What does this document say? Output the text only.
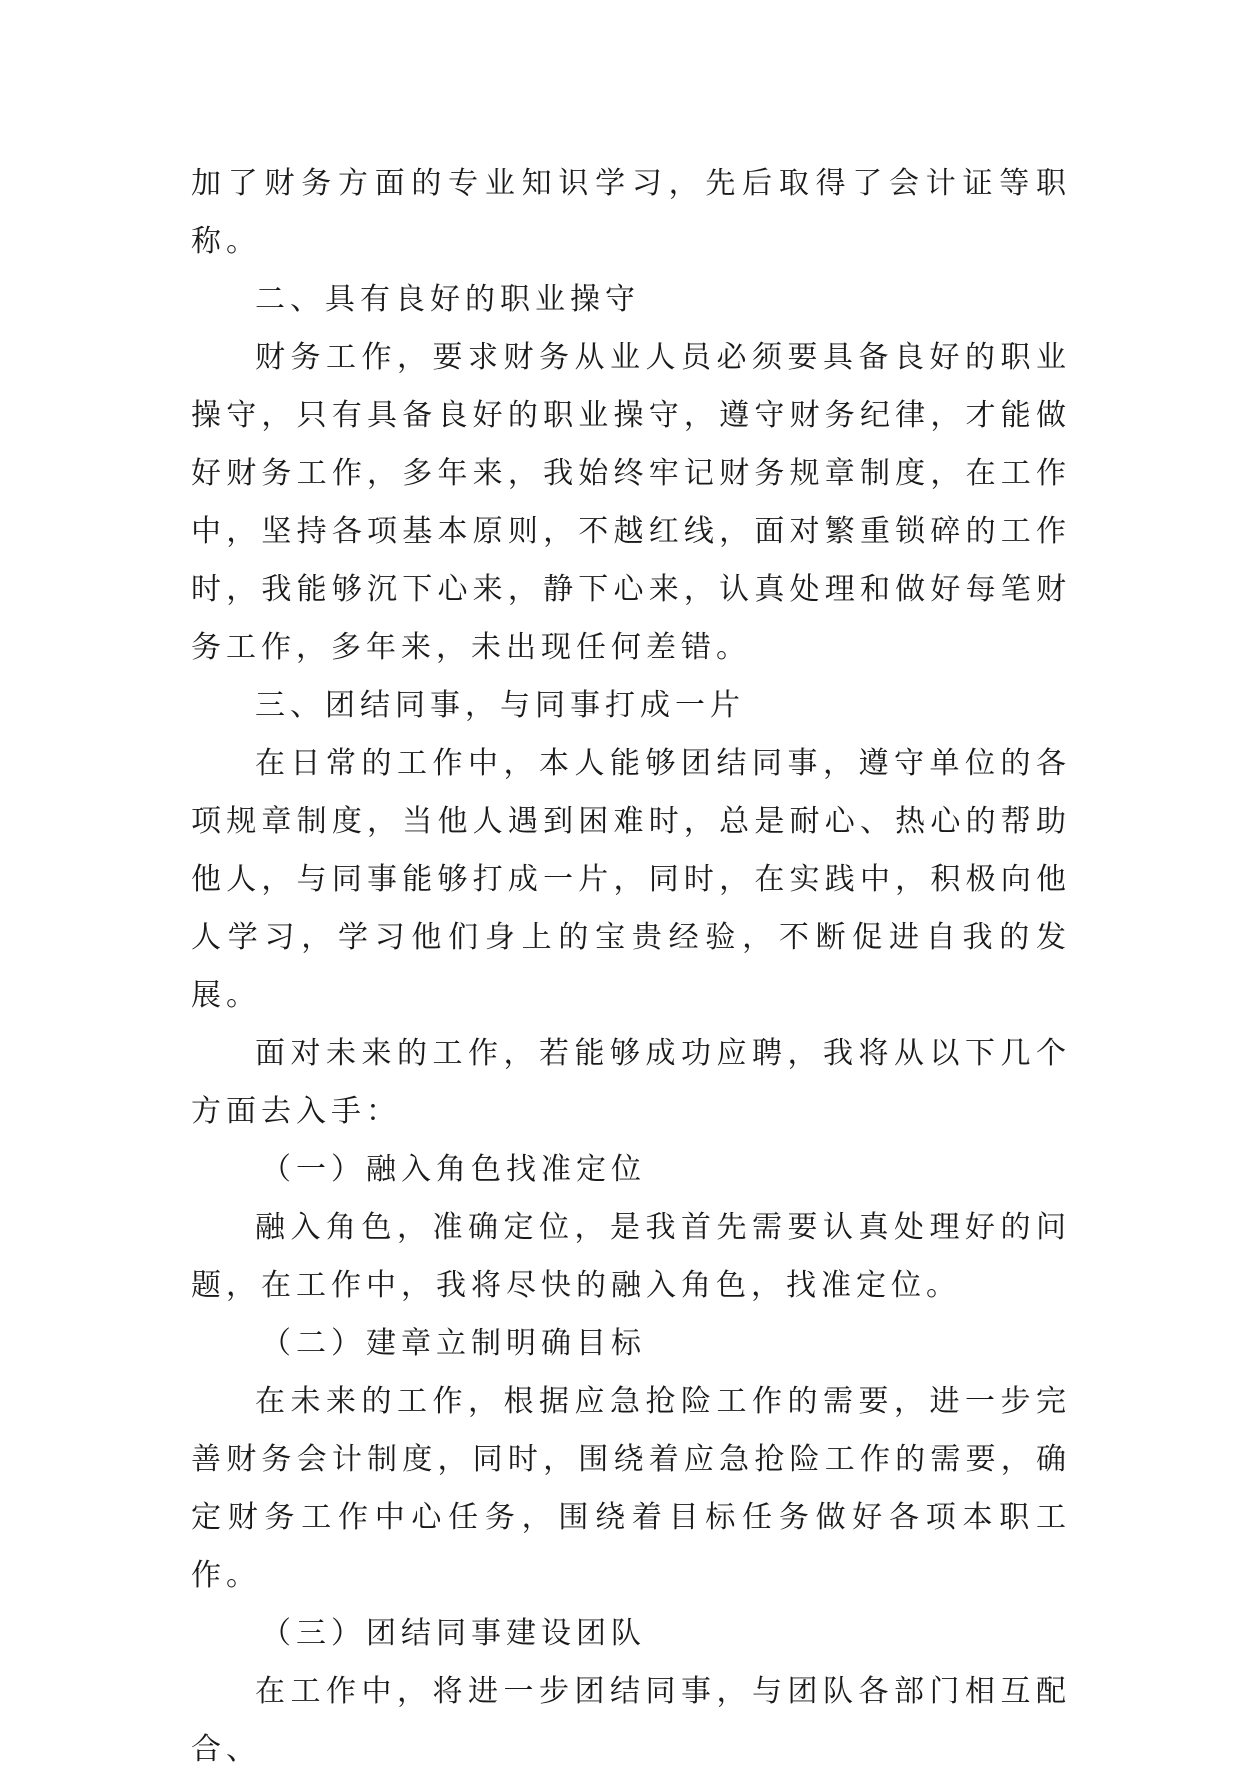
加了财务方面的专业知识学习，先后取得了会计证等职称。

二、具有良好的职业操守

财务工作，要求财务从业人员必须要具备良好的职业操守，只有具备良好的职业操守，遵守财务纪律，才能做好财务工作，多年来，我始终牢记财务规章制度，在工作中，坚持各项基本原则，不越红线，面对繁重锁碎的工作时，我能够沉下心来，静下心来，认真处理和做好每笔财务工作，多年来，未出现任何差错。

三、团结同事，与同事打成一片

在日常的工作中，本人能够团结同事，遵守单位的各项规章制度，当他人遇到困难时，总是耐心、热心的帮助他人，与同事能够打成一片，同时，在实践中，积极向他人学习，学习他们身上的宝贵经验，不断促进自我的发展。

面对未来的工作，若能够成功应聘，我将从以下几个方面去入手：

（一）融入角色找准定位

融入角色，准确定位，是我首先需要认真处理好的问题，在工作中，我将尽快的融入角色，找准定位。

（二）建章立制明确目标

在未来的工作，根据应急抢险工作的需要，进一步完善财务会计制度，同时，围绕着应急抢险工作的需要，确定财务工作中心任务，围绕着目标任务做好各项本职工作。

（三）团结同事建设团队

在工作中，将进一步团结同事，与团队各部门相互配合、
